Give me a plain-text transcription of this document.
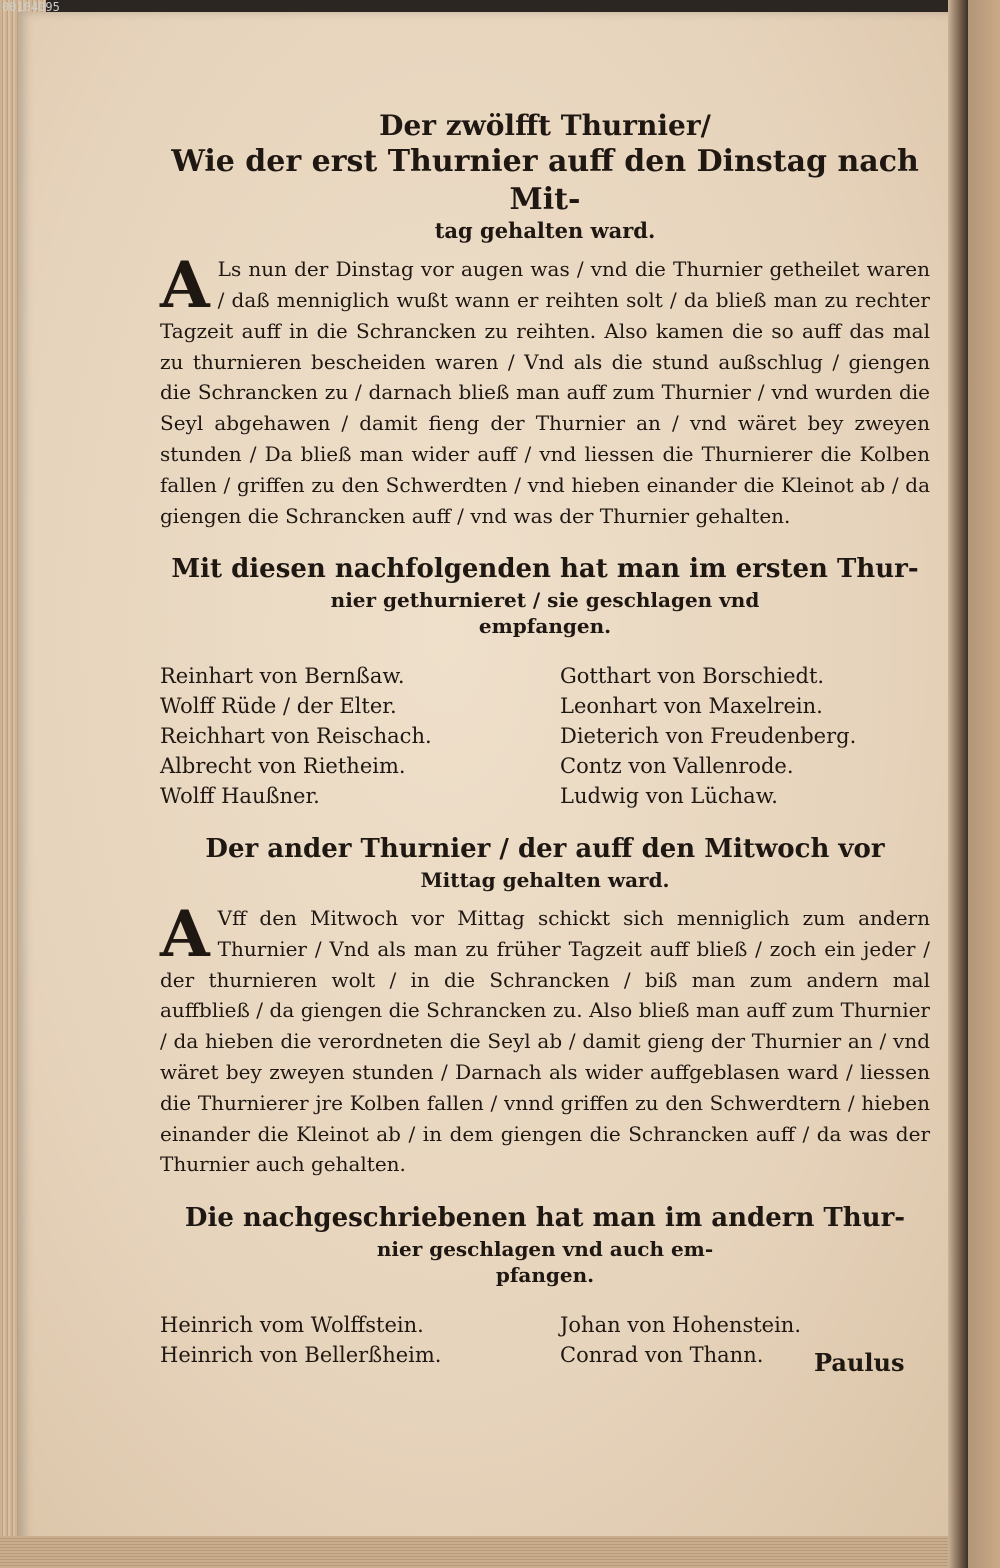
00104095

Der zwölfft Thurnier/

Wie der erst Thurnier auff den Dinstag nach Mit-

tag gehalten ward.

A Ls nun der Dinstag vor augen was / vnd die Thurnier getheilet waren / daß menniglich wußt wann er reihten solt / da bließ man zu rechter Tagzeit auff in die Schrancken zu reihten. Also kamen die so auff das mal zu thurnieren bescheiden waren / Vnd als die stund außschlug / giengen die Schrancken zu / darnach bließ man auff zum Thurnier / vnd wurden die Seyl abgehawen / damit fieng der Thurnier an / vnd wäret bey zweyen stunden / Da bließ man wider auff / vnd liessen die Thurnierer die Kolben fallen / griffen zu den Schwerdten / vnd hieben einander die Kleinot ab / da giengen die Schrancken auff / vnd was der Thurnier gehalten.

Mit diesen nachfolgenden hat man im ersten Thur-

nier gethurnieret / sie geschlagen vnd

empfangen.

Reinhart von Bernßaw.
Wolff Rüde / der Elter.
Reichhart von Reischach.
Albrecht von Rietheim.
Wolff Haußner.
Gotthart von Borschiedt.
Leonhart von Maxelrein.
Dieterich von Freudenberg.
Contz von Vallenrode.
Ludwig von Lüchaw.

Der ander Thurnier / der auff den Mitwoch vor

Mittag gehalten ward.

A Vff den Mitwoch vor Mittag schickt sich menniglich zum andern Thurnier / Vnd als man zu früher Tagzeit auff bließ / zoch ein jeder / der thurnieren wolt / in die Schrancken / biß man zum andern mal auffbließ / da giengen die Schrancken zu. Also bließ man auff zum Thurnier / da hieben die verordneten die Seyl ab / damit gieng der Thurnier an / vnd wäret bey zweyen stunden / Darnach als wider auffgeblasen ward / liessen die Thurnierer jre Kolben fallen / vnnd griffen zu den Schwerdtern / hieben einander die Kleinot ab / in dem giengen die Schrancken auff / da was der Thurnier auch gehalten.

Die nachgeschriebenen hat man im andern Thur-

nier geschlagen vnd auch em-

pfangen.

Heinrich vom Wolffstein.
Heinrich von Bellerßheim.
Johan von Hohenstein.
Conrad von Thann.	Paulus
